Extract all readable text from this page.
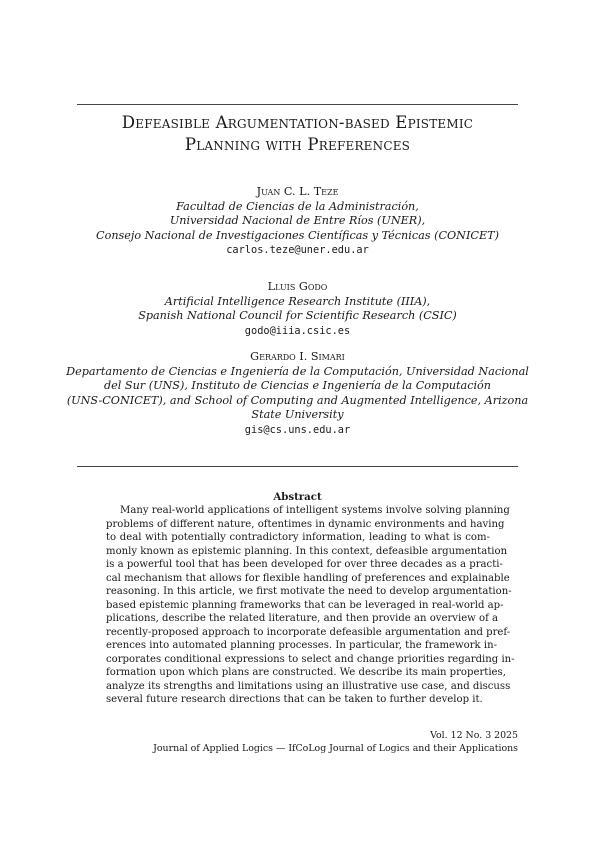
Defeasible Argumentation-based Epistemic
Planning with Preferences
Juan C. L. Teze
Facultad de Ciencias de la Administración,
Universidad Nacional de Entre Ríos (UNER),
Consejo Nacional de Investigaciones Científicas y Técnicas (CONICET)
carlos.teze@uner.edu.ar
Lluis Godo
Artificial Intelligence Research Institute (IIIA),
Spanish National Council for Scientific Research (CSIC)
godo@iiia.csic.es
Gerardo I. Simari
Departamento de Ciencias e Ingeniería de la Computación, Universidad Nacional
del Sur (UNS), Instituto de Ciencias e Ingeniería de la Computación
(UNS-CONICET), and School of Computing and Augmented Intelligence, Arizona
State University
gis@cs.uns.edu.ar
Abstract
Many real-world applications of intelligent systems involve solving planning
problems of different nature, oftentimes in dynamic environments and having
to deal with potentially contradictory information, leading to what is com-
monly known as epistemic planning. In this context, defeasible argumentation
is a powerful tool that has been developed for over three decades as a practi-
cal mechanism that allows for flexible handling of preferences and explainable
reasoning. In this article, we first motivate the need to develop argumentation-
based epistemic planning frameworks that can be leveraged in real-world ap-
plications, describe the related literature, and then provide an overview of a
recently-proposed approach to incorporate defeasible argumentation and pref-
erences into automated planning processes. In particular, the framework in-
corporates conditional expressions to select and change priorities regarding in-
formation upon which plans are constructed. We describe its main properties,
analyze its strengths and limitations using an illustrative use case, and discuss
several future research directions that can be taken to further develop it.
Vol. 12 No. 3 2025
Journal of Applied Logics — IfCoLog Journal of Logics and their Applications
